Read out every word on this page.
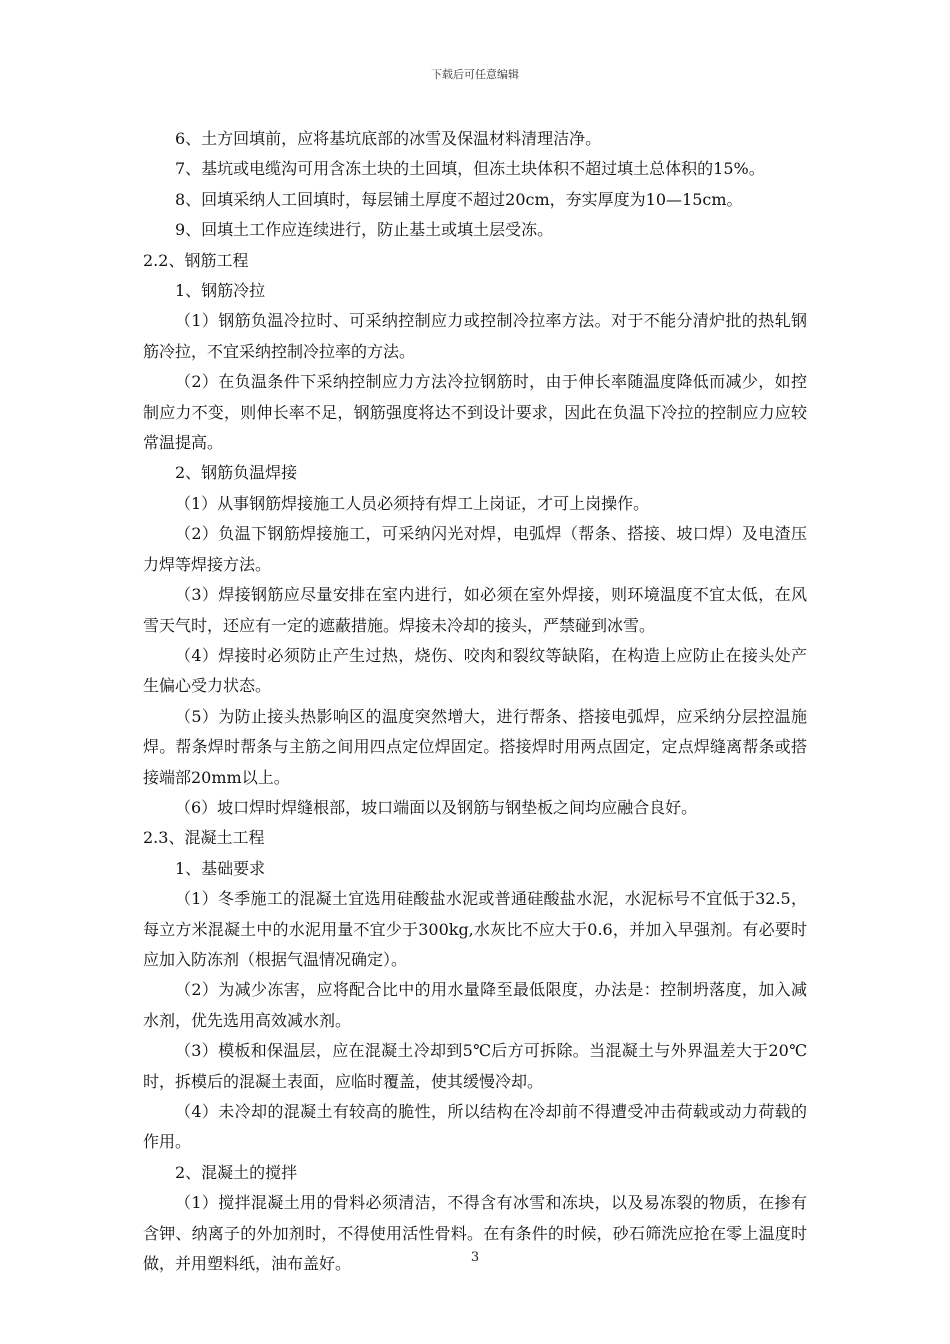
下载后可任意编辑

6、土方回填前，应将基坑底部的冰雪及保温材料清理洁净。

7、基坑或电缆沟可用含冻土块的土回填，但冻土块体积不超过填土总体积的15%。

8、回填采纳人工回填时，每层铺土厚度不超过20cm，夯实厚度为10—15cm。

9、回填土工作应连续进行，防止基土或填土层受冻。

2.2、钢筋工程

1、钢筋冷拉

（1）钢筋负温冷拉时、可采纳控制应力或控制冷拉率方法。对于不能分清炉批的热轧钢筋冷拉，不宜采纳控制冷拉率的方法。

（2）在负温条件下采纳控制应力方法冷拉钢筋时，由于伸长率随温度降低而减少，如控制应力不变，则伸长率不足，钢筋强度将达不到设计要求，因此在负温下冷拉的控制应力应较常温提高。

2、钢筋负温焊接

（1）从事钢筋焊接施工人员必须持有焊工上岗证，才可上岗操作。

（2）负温下钢筋焊接施工，可采纳闪光对焊，电弧焊（帮条、搭接、坡口焊）及电渣压力焊等焊接方法。

（3）焊接钢筋应尽量安排在室内进行，如必须在室外焊接，则环境温度不宜太低，在风雪天气时，还应有一定的遮蔽措施。焊接未冷却的接头，严禁碰到冰雪。

（4）焊接时必须防止产生过热，烧伤、咬肉和裂纹等缺陷，在构造上应防止在接头处产生偏心受力状态。

（5）为防止接头热影响区的温度突然增大，进行帮条、搭接电弧焊，应采纳分层控温施焊。帮条焊时帮条与主筋之间用四点定位焊固定。搭接焊时用两点固定，定点焊缝离帮条或搭接端部20mm以上。

（6）坡口焊时焊缝根部，坡口端面以及钢筋与钢垫板之间均应融合良好。

2.3、混凝土工程

1、基础要求

（1）冬季施工的混凝土宜选用硅酸盐水泥或普通硅酸盐水泥，水泥标号不宜低于32.5，每立方米混凝土中的水泥用量不宜少于300kg,水灰比不应大于0.6，并加入早强剂。有必要时应加入防冻剂（根据气温情况确定）。

（2）为减少冻害，应将配合比中的用水量降至最低限度，办法是：控制坍落度，加入减水剂，优先选用高效减水剂。

（3）模板和保温层，应在混凝土冷却到5℃后方可拆除。当混凝土与外界温差大于20℃时，拆模后的混凝土表面，应临时覆盖，使其缓慢冷却。

（4）未冷却的混凝土有较高的脆性，所以结构在冷却前不得遭受冲击荷载或动力荷载的作用。

2、混凝土的搅拌

（1）搅拌混凝土用的骨料必须清洁，不得含有冰雪和冻块，以及易冻裂的物质，在掺有含钾、纳离子的外加剂时，不得使用活性骨料。在有条件的时候，砂石筛洗应抢在零上温度时做，并用塑料纸，油布盖好。	3
